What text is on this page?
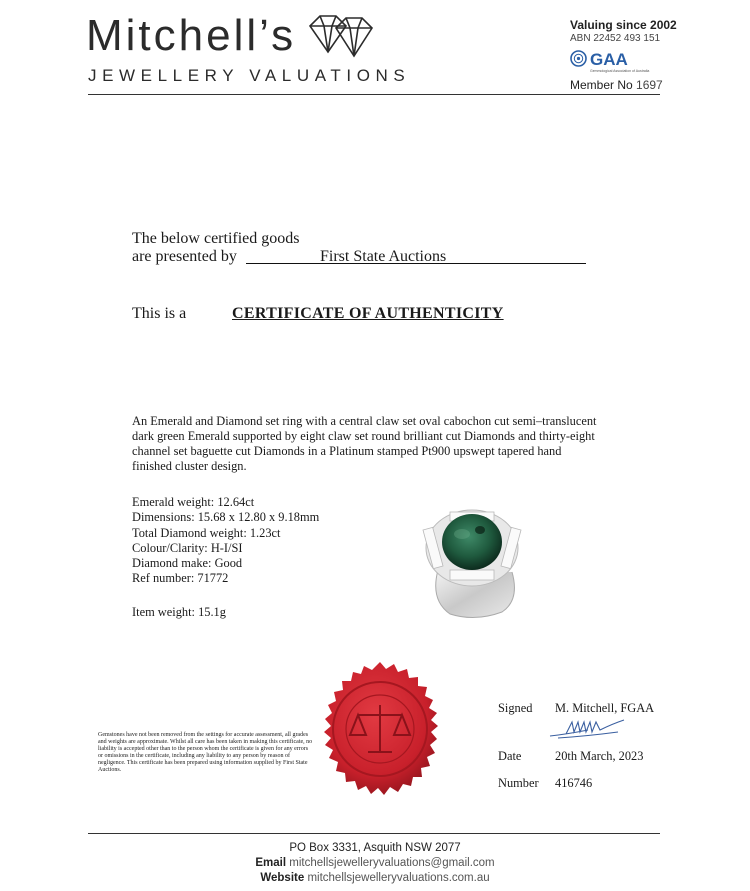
Mitchell’s
JEWELLERY VALUATIONS
Valuing since 2002
ABN 22452 493 151
GAA
Gemmological Association of Australia
Member No 1697
The below certified goods
are presented by	First State Auctions
This is a	CERTIFICATE OF AUTHENTICITY
An Emerald and Diamond set ring with a central claw set oval cabochon cut semi–translucent dark green Emerald supported by eight claw set round brilliant cut Diamonds and thirty-eight channel set baguette cut Diamonds in a Platinum stamped Pt900 upswept tapered hand finished cluster design.
Emerald weight: 12.64ct
Dimensions: 15.68 x 12.80 x 9.18mm
Total Diamond weight: 1.23ct
Colour/Clarity: H-I/SI
Diamond make: Good
Ref number: 71772
Item weight: 15.1g
Gemstones have not been removed from the settings for accurate assessment, all grades and weights are approximate. Whilst all care has been taken in making this certificate, no liability is accepted other than to the person whom the certificate is given for any errors or omissions in the certificate, including any liability to any person by reason of negligence. This certificate has been prepared using information supplied by First State Auctions.
Signed M. Mitchell, FGAA
Date	20th March, 2023
Number 416746
PO Box 3331, Asquith NSW 2077
Email mitchellsjewelleryvaluations@gmail.com
Website mitchellsjewelleryvaluations.com.au
